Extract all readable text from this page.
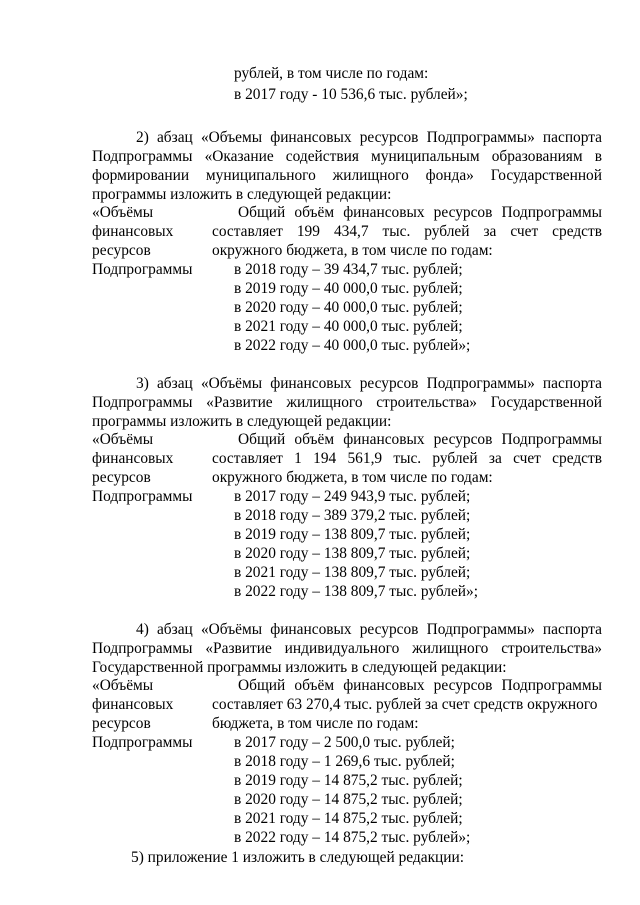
рублей, в том числе по годам:
в 2017 году - 10 536,6 тыс. рублей»;
2) абзац «Объемы финансовых ресурсов Подпрограммы» паспорта
Подпрограммы «Оказание содействия муниципальным образованиям в
формировании муниципального жилищного фонда» Государственной
программы изложить в следующей редакции:
«Объёмы
финансовых
ресурсов
Подпрограммы
Общий объём финансовых ресурсов Подпрограммы
составляет 199 434,7 тыс. рублей за счет средств
окружного бюджета, в том числе по годам:
в 2018 году – 39 434,7 тыс. рублей;
в 2019 году – 40 000,0 тыс. рублей;
в 2020 году – 40 000,0 тыс. рублей;
в 2021 году – 40 000,0 тыс. рублей;
в 2022 году – 40 000,0 тыс. рублей»;
3) абзац «Объёмы финансовых ресурсов Подпрограммы» паспорта
Подпрограммы «Развитие жилищного строительства» Государственной
программы изложить в следующей редакции:
«Объёмы
финансовых
ресурсов
Подпрограммы
Общий объём финансовых ресурсов Подпрограммы
составляет 1 194 561,9 тыс. рублей за счет средств
окружного бюджета, в том числе по годам:
в 2017 году – 249 943,9 тыс. рублей;
в 2018 году – 389 379,2 тыс. рублей;
в 2019 году – 138 809,7 тыс. рублей;
в 2020 году – 138 809,7 тыс. рублей;
в 2021 году – 138 809,7 тыс. рублей;
в 2022 году – 138 809,7 тыс. рублей»;
4) абзац «Объёмы финансовых ресурсов Подпрограммы» паспорта
Подпрограммы «Развитие индивидуального жилищного строительства»
Государственной программы изложить в следующей редакции:
«Объёмы
финансовых
ресурсов
Подпрограммы
Общий объём финансовых ресурсов Подпрограммы
составляет 63 270,4 тыс. рублей за счет средств окружного
бюджета, в том числе по годам:
в 2017 году – 2 500,0 тыс. рублей;
в 2018 году – 1 269,6 тыс. рублей;
в 2019 году – 14 875,2 тыс. рублей;
в 2020 году – 14 875,2 тыс. рублей;
в 2021 году – 14 875,2 тыс. рублей;
в 2022 году – 14 875,2 тыс. рублей»;
5) приложение 1 изложить в следующей редакции:
